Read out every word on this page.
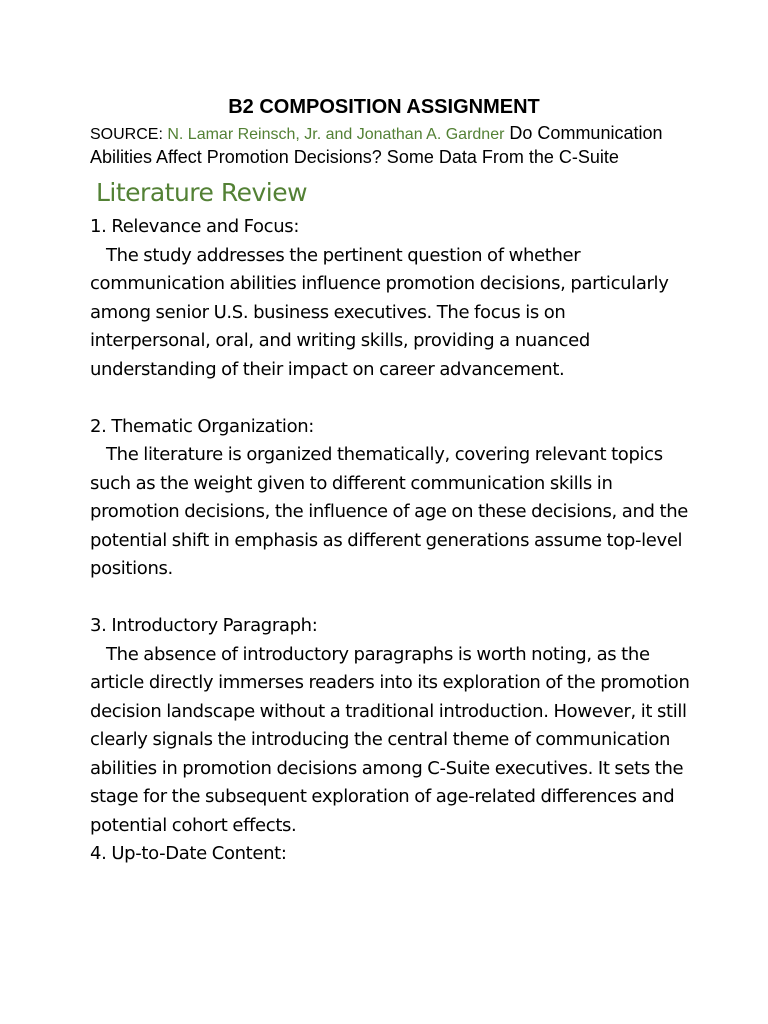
B2 COMPOSITION ASSIGNMENT

SOURCE: N. Lamar Reinsch, Jr. and Jonathan A. Gardner Do Communication Abilities Affect Promotion Decisions? Some Data From the C-Suite

Literature Review

1. Relevance and Focus:

The study addresses the pertinent question of whether communication abilities influence promotion decisions, particularly among senior U.S. business executives. The focus is on interpersonal, oral, and writing skills, providing a nuanced understanding of their impact on career advancement.

2. Thematic Organization:

The literature is organized thematically, covering relevant topics such as the weight given to different communication skills in promotion decisions, the influence of age on these decisions, and the potential shift in emphasis as different generations assume top-level positions.

3. Introductory Paragraph:

The absence of introductory paragraphs is worth noting, as the article directly immerses readers into its exploration of the promotion decision landscape without a traditional introduction. However, it still clearly signals the introducing the central theme of communication abilities in promotion decisions among C-Suite executives. It sets the stage for the subsequent exploration of age-related differences and potential cohort effects.

4. Up-to-Date Content:
